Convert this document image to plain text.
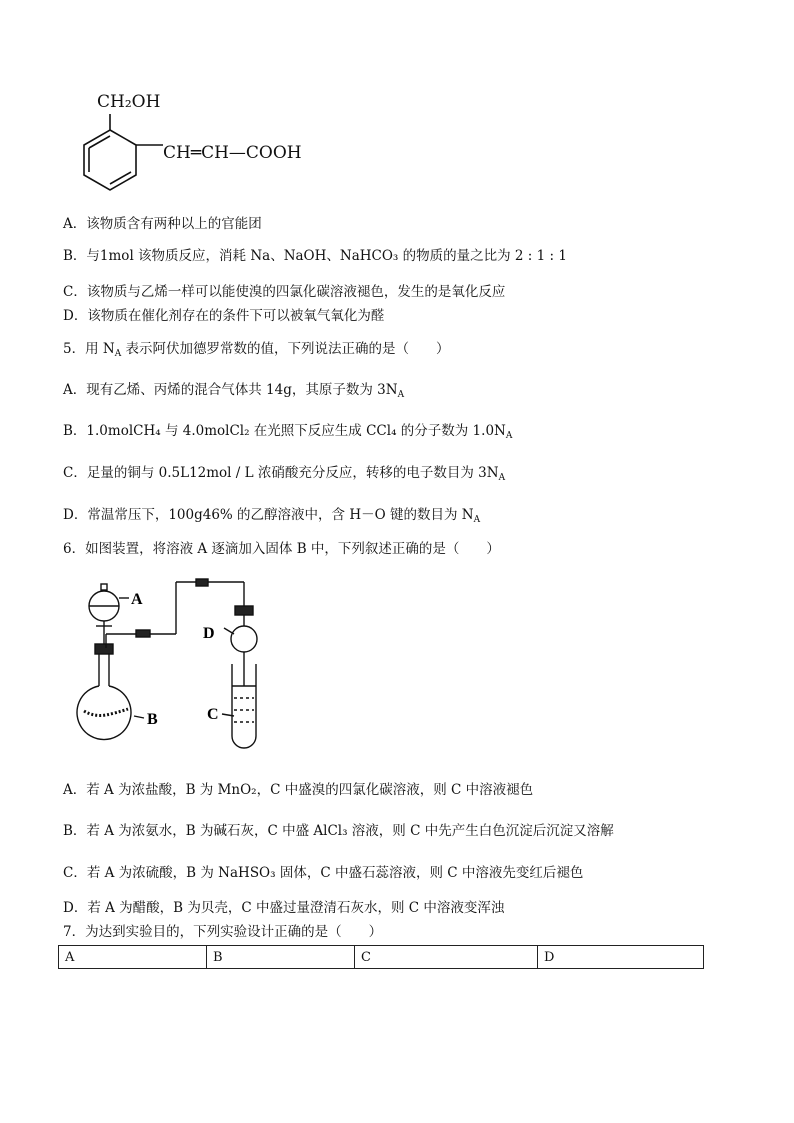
CH₂OH
CH═CH—COOH
A．该物质含有两种以上的官能团
B．与1mol 该物质反应，消耗 Na、NaOH、NaHCO₃ 的物质的量之比为 2 : 1 : 1
C．该物质与乙烯一样可以能使溴的四氯化碳溶液褪色，发生的是氧化反应
D．该物质在催化剂存在的条件下可以被氧气氧化为醛
5．用 $N_A$ 表示阿伏加德罗常数的值，下列说法正确的是（　　）
A．现有乙烯、丙烯的混合气体共 14g，其原子数为 $3N_A$
B．1.0molCH₄ 与 4.0molCl₂ 在光照下反应生成 CCl₄ 的分子数为 $1.0N_A$
C．足量的铜与 0.5L12mol / L 浓硝酸充分反应，转移的电子数目为 $3N_A$
D．常温常压下，100g46% 的乙醇溶液中，含 H－O 键的数目为 $N_A$
6．如图装置，将溶液 A 逐滴加入固体 B 中，下列叙述正确的是（　　）
A
D
B	C
A．若 A 为浓盐酸，B 为 MnO₂，C 中盛溴的四氯化碳溶液，则 C 中溶液褪色
B．若 A 为浓氨水，B 为碱石灰，C 中盛 AlCl₃ 溶液，则 C 中先产生白色沉淀后沉淀又溶解
C．若 A 为浓硫酸，B 为 NaHSO₃ 固体，C 中盛石蕊溶液，则 C 中溶液先变红后褪色
D．若 A 为醋酸，B 为贝壳，C 中盛过量澄清石灰水，则 C 中溶液变浑浊
7．为达到实验目的，下列实验设计正确的是（　　）
A	B	C	D
